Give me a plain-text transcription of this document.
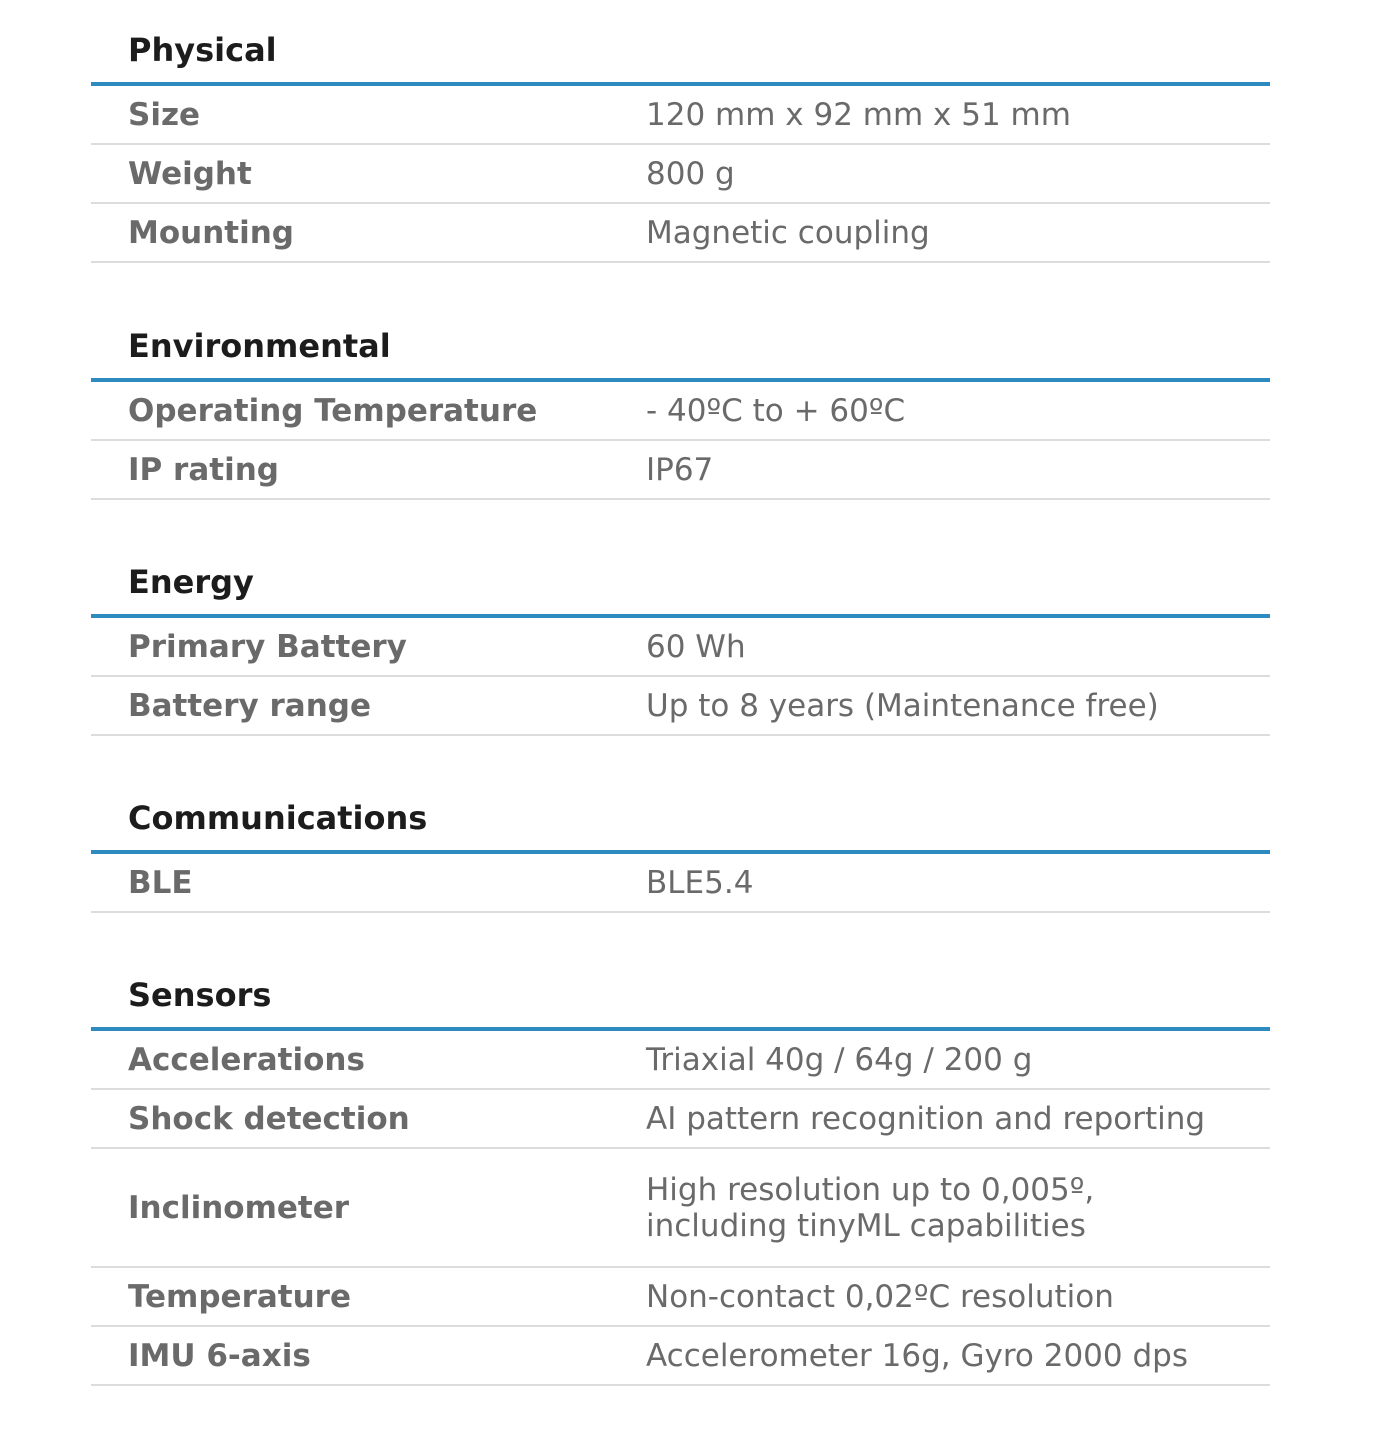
Physical
Size	120 mm x 92 mm x 51 mm
Weight	800 g
Mounting	Magnetic coupling
Environmental
Operating Temperature	- 40ºC to + 60ºC
IP rating	IP67
Energy
Primary Battery	60 Wh
Battery range	Up to 8 years (Maintenance free)
Communications
BLE	BLE5.4
Sensors
Accelerations	Triaxial 40g / 64g / 200 g
Shock detection	AI pattern recognition and reporting
Inclinometer	High resolution up to 0,005º,
including tinyML capabilities
Temperature	Non-contact 0,02ºC resolution
IMU 6-axis	Accelerometer 16g, Gyro 2000 dps
